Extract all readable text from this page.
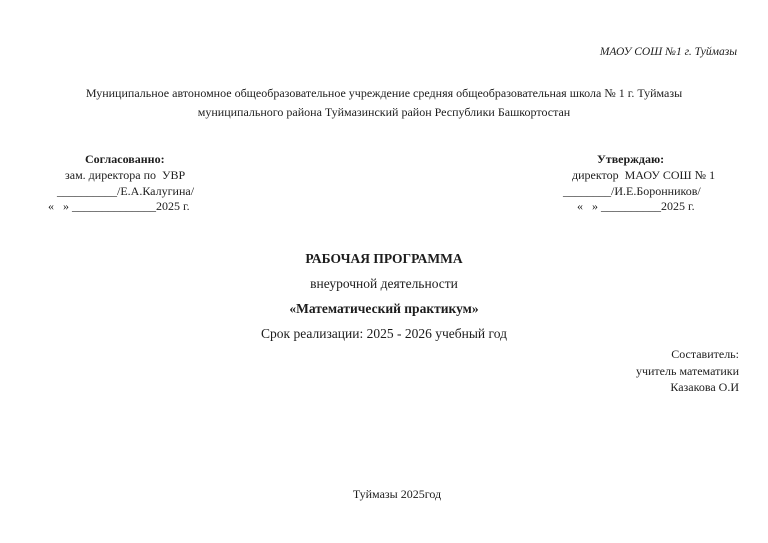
МАОУ СОШ №1 г. Туймазы
Муниципальное автономное общеобразовательное учреждение средняя общеобразовательная школа № 1 г. Туймазы
муниципального района Туймазинский район Республики Башкортостан
Согласованно:
зам. директора по  УВР
__________/Е.А.Калугина/
«   » ______________2025 г.
Утверждаю:
директор  МАОУ СОШ № 1
________/И.Е.Боронников/
«   » __________2025 г.
РАБОЧАЯ ПРОГРАММА
внеурочной деятельности
«Математический практикум»
Срок реализации: 2025 - 2026 учебный год
Составитель:
учитель математики
Казакова О.И
Туймазы 2025год
